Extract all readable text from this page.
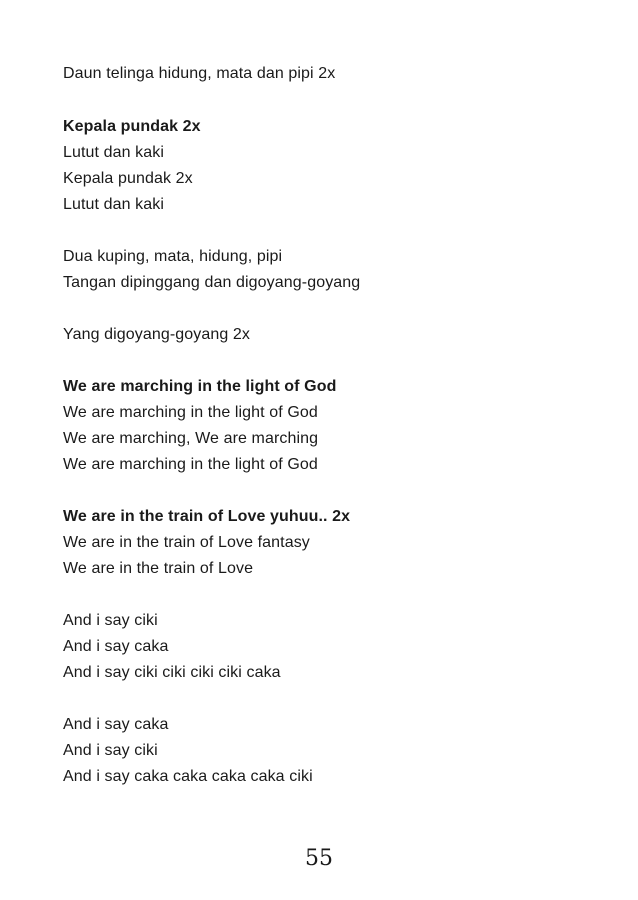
Daun telinga hidung, mata dan pipi 2x
Kepala pundak 2x
Lutut dan kaki
Kepala pundak 2x
Lutut dan kaki
Dua kuping, mata, hidung, pipi
Tangan dipinggang dan digoyang-goyang
Yang digoyang-goyang 2x
We are marching in the light of God
We are marching in the light of God
We are marching, We are marching
We are marching in the light of God
We are in the train of Love yuhuu.. 2x
We are in the train of Love fantasy
We are in the train of Love
And i say ciki
And i say caka
And i say ciki ciki ciki ciki caka
And i say caka
And i say ciki
And i say caka caka caka caka ciki
55
